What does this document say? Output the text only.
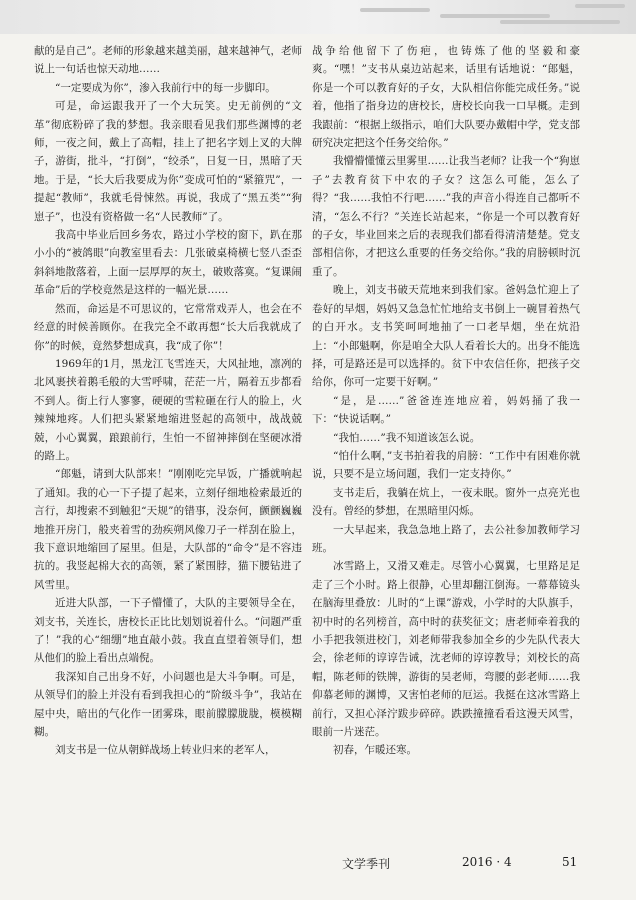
献的是自己”。老师的形象越来越美丽，越来越神气，老师说上一句话也惊天动地……

“一定要成为你”，渗入我前行中的每一步脚印。

可是，命运跟我开了一个大玩笑。史无前例的“文革”彻底粉碎了我的梦想。我亲眼看见我们那些渊博的老师，一夜之间，戴上了高帽，挂上了把名字划上叉的大牌子，游街，批斗，“打倒”，“绞杀”，日复一日，黑暗了天地。于是，“长大后我要成为你”变成可怕的“紧箍咒”，一提起“教师”，我就毛骨悚然。再说，我成了“黑五类”“狗崽子”，也没有资格做一名“人民教师”了。

我高中毕业后回乡务农，路过小学校的窗下，趴在那小小的“被鸽眼”向教室里看去：几张破桌椅横七竖八歪歪斜斜地散落着，上面一层厚厚的灰土，破败落寞。“复课闹革命”后的学校竟然是这样的一幅光景……

然而，命运是不可思议的，它常常戏弄人，也会在不经意的时候善顾你。在我完全不敢再想“长大后我就成了你”的时候，竟然梦想成真，我“成了你”！

1969年的1月，黑龙江飞雪连天，大风扯地，凛冽的北风裹挟着鹅毛般的大雪呼啸，茫茫一片，隔着五步都看不到人。街上行人寥寥，硬硬的雪粒砸在行人的脸上，火辣辣地疼。人们把头紧紧地缩进竖起的高领中，战战兢兢，小心翼翼，踉踉前行，生怕一不留神摔倒在坚硬冰滑的路上。

“郎魁，请到大队部来！”刚刚吃完早饭，广播就响起了通知。我的心一下子提了起来，立刻仔细地检索最近的言行，却搜索不到触犯“天规”的错事，没奈何，颤颤巍巍地推开房门，般夹着雪的劲疾朔风像刀子一样刮在脸上，我下意识地缩回了屋里。但是，大队部的“命令”是不容违抗的。我竖起棉大衣的高领，紧了紧围脖，猫下腰钻进了风雪里。

近进大队部，一下子懵懂了，大队的主要领导全在，刘支书，关连长，唐校长正比比划划说着什么。“问题严重了！”我的心“细绷”地直敲小鼓。我直直望着领导们，想从他们的脸上看出点端倪。

我深知自己出身不好，小问题也是大斗争啊。可是，从领导们的脸上并没有看到我担心的“阶级斗争”，我站在屋中央，暗出的气化作一团雾珠，眼前朦朦胧胧，模模糊糊。

刘支书是一位从朝鲜战场上转业归来的老军人，

战争给他留下了伤疤，也铸炼了他的坚毅和豪爽。“嘿！”支书从桌边站起来，话里有话地说：“郎魁，你是一个可以教育好的子女，大队相信你能完成任务。”说着，他指了指身边的唐校长，唐校长向我一口早概。走到我跟前：“根据上级指示，咱们大队要办戴帽中学，党支部研究决定把这个任务交给你。”

我懵懵懂懂云里雾里……让我当老师？让我一个“狗崽子”去教育贫下中农的子女？这怎么可能，怎么了得？“我……我怕不行吧……”我的声音小得连自己都听不清，“怎么不行？”关连长站起来，“你是一个可以教育好的子女，毕业回来之后的表现我们都看得清清楚楚。党支部相信你，才把这么重要的任务交给你。”我的肩膀顿时沉重了。

晚上，刘支书破天荒地来到我们家。爸妈急忙迎上了卷好的早烟，妈妈又急急忙忙地给支书倒上一碗冒着热气的白开水。支书笑呵呵地抽了一口老旱烟，坐在炕沿上：“小郎魁啊，你是咱全大队人看着长大的。出身不能选择，可是路还是可以选择的。贫下中农信任你，把孩子交给你，你可一定要干好啊。”

“是，是……”爸爸连连地应着，妈妈捅了我一下：“快说话啊。”

“我怕……”我不知道该怎么说。

“怕什么啊，”支书拍着我的肩膀：“工作中有困难你就说，只要不是立场问题，我们一定支持你。”

支书走后，我躺在炕上，一夜未眠。窗外一点亮光也没有。曾经的梦想，在黑暗里闪烁。

一大早起来，我急急地上路了，去公社参加教师学习班。

冰雪路上，又滑又难走。尽管小心翼翼，七里路足足走了三个小时。路上很静，心里却翻江倒海。一幕幕镜头在脑海里叠放：儿时的“上课”游戏，小学时的大队旗手，初中时的名列榜首，高中时的获奖征文；唐老师牵着我的小手把我领进校门，刘老师带我参加全乡的少先队代表大会，徐老师的谆谆告诫，沈老师的谆谆教导；刘校长的高帽，陈老师的铁牌，游街的吴老师，弯腰的彭老师……我仰慕老师的渊博，又害怕老师的厄运。我挺在这冰雪路上前行，又担心泽泞跋步碎碎。跌跌撞撞看看这漫天风雪，眼前一片迷茫。

初春，乍暖还寒。

文学季刊	2016 · 4	51
